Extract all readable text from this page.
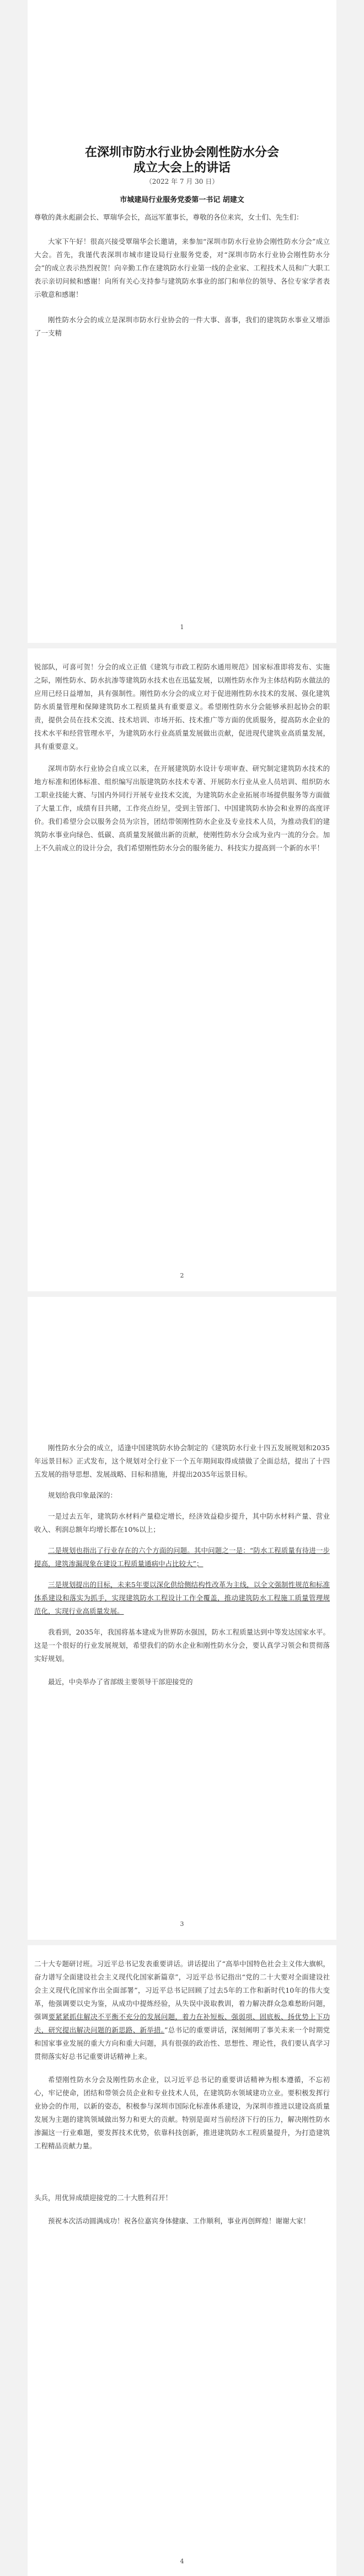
在深圳市防水行业协会刚性防水分会
成立大会上的讲话
（2022 年 7 月 30 日）
市城建局行业服务党委第一书记 胡建文

尊敬的龚永彪副会长、覃瑞华会长，高远军董事长，尊敬的各位来宾，女士们、先生们：

大家下午好！很高兴接受覃瑞华会长邀请，来参加“深圳市防水行业协会刚性防水分会”成立大会。首先，我谨代表深圳市城市建设局行业服务党委，对“深圳市防水行业协会刚性防水分会”的成立表示热烈祝贺！向辛勤工作在建筑防水行业第一线的企业家、工程技术人员和广大职工表示亲切问候和感谢！向所有关心支持参与建筑防水事业的部门和单位的领导、各位专家学者表示敬意和感谢！

刚性防水分会的成立是深圳市防水行业协会的一件大事、喜事，我们的建筑防水事业又增添了一支精

1

锐部队，可喜可贺！分会的成立正值《建筑与市政工程防水通用规范》国家标准即将发布、实施之际，刚性防水、防水抗渗等建筑防水技术也在迅猛发展，以刚性防水作为主体结构防水做法的应用已经日益增加，具有强制性。刚性防水分会的成立对于促进刚性防水技术的发展、强化建筑防水质量管理和保障建筑防水工程质量具有重要意义。希望刚性防水分会能够承担起协会的职责，提供会员在技术交流、技术培训、市场开拓、技术推广等方面的优质服务，提高防水企业的技术水平和经营管理水平，为建筑防水行业高质量发展做出贡献，促进现代建筑业高质量发展，具有重要意义。

深圳市防水行业协会自成立以来，在开展建筑防水设计专项审查、研究制定建筑防水技术的地方标准和团体标准、组织编写出版建筑防水技术专著、开展防水行业从业人员培训、组织防水工职业技能大赛、与国内外同行开展专业技术交流，为建筑防水企业拓展市场提供服务等方面做了大量工作，成绩有目共睹，工作亮点纷呈，受到主管部门、中国建筑防水协会和业界的高度评价。我们希望分会以服务会员为宗旨，团结带领刚性防水企业及专业技术人员，为推动我们的建筑防水事业向绿色、低碳、高质量发展做出新的贡献，使刚性防水分会成为业内一流的分会。加上不久前成立的设计分会，我们希望刚性防水分会的服务能力、科技实力提高到一个新的水平！

2

刚性防水分会的成立，适逢中国建筑防水协会制定的《建筑防水行业十四五发展规划和2035年远景目标》正式发布，这个规划对全行业下一个五年期间取得成绩做了全面总结，提出了十四五发展的指导思想、发展战略、目标和措施，并提出2035年远景目标。

规划给我印象最深的：

一是过去五年，建筑防水材料产量稳定增长，经济效益稳步提升，其中防水材料产量、营业收入、利润总额年均增长都在10%以上；

二是规划也指出了行业存在的六个方面的问题。其中问题之一是：“防水工程质量有待进一步提高，建筑渗漏现象在建设工程质量通病中占比较大”；

三是规划提出的目标，未来5年要以深化供给侧结构性改革为主线，以全文强制性规范和标准体系建设和落实为抓手，实现建筑防水工程设计工作全覆盖，推动建筑防水工程施工质量管理规范化，实现行业高质量发展。

我看到，2035年，我国将基本建成为世界防水强国，防水工程质量达到中等发达国家水平。这是一个很好的行业发展规划，希望我们的防水企业和刚性防水分会，要认真学习领会和贯彻落实好规划。

最近，中央举办了省部级主要领导干部迎接党的

3

二十大专题研讨班。习近平总书记发表重要讲话。讲话提出了“高举中国特色社会主义伟大旗帜，奋力谱写全面建设社会主义现代化国家新篇章”，习近平总书记指出“党的二十大要对全面建设社会主义现代化国家作出全面部署”，习近平总书记回顾了过去5年的工作和新时代10年的伟大变革，他强调要以史为鉴，从成功中提炼经验，从失误中汲取教训，着力解决群众急难愁盼问题，强调要紧紧抓住解决不平衡不充分的发展问题，着力在补短板、强弱项、固底板、扬优势上下功夫，研究提出解决问题的新思路、新举措。”总书记的重要讲话，深刻阐明了事关未来一个时期党和国家事业发展的重大方向和重大问题，具有很强的政治性、思想性、理论性，我们要认真学习贯彻落实好总书记重要讲话精神上来。

希望刚性防水分会及刚性防水企业，以习近平总书记的重要讲话精神为根本遵循，不忘初心，牢记使命，团结和带领会员企业和专业技术人员，在建筑防水领域建功立业。要积极发挥行业协会的作用，以新的姿态，积极参与深圳市国际化标准体系建设，为深圳市推进以建设高质量发展为主题的建筑领域做出努力和更大的贡献。特别是面对当前经济下行的压力，解决刚性防水渗漏这一行业难题，要发挥技术优势，依靠科技创新，推进建筑防水工程质量提升，为打造建筑工程精品贡献力量。

头兵，用优异成绩迎接党的二十大胜利召开！

预祝本次活动圆满成功！祝各位嘉宾身体健康、工作顺利，事业再创辉煌！谢谢大家！

4
